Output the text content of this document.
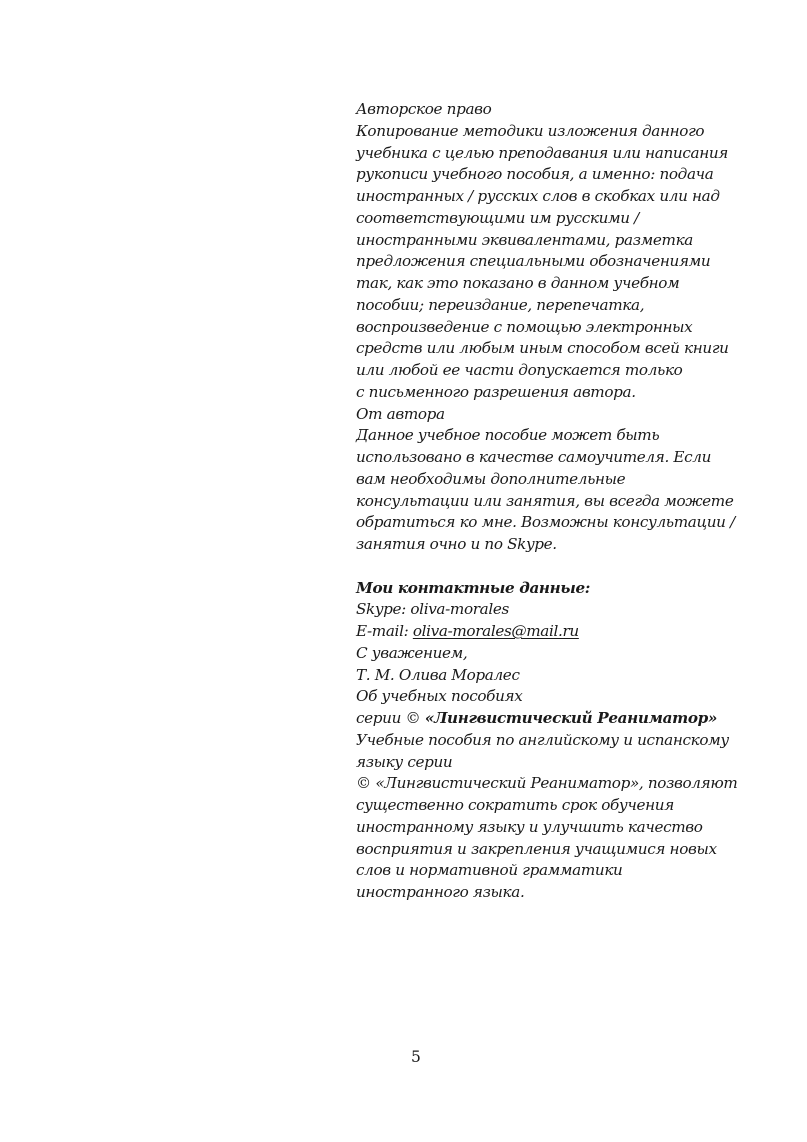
Авторское право
Копирование методики изложения данного
учебника с целью преподавания или написания
рукописи учебного пособия, а именно: подача
иностранных / русских слов в скобках или над
соответствующими им русскими /
иностранными эквивалентами, разметка
предложения специальными обозначениями
так, как это показано в данном учебном
пособии; переиздание, перепечатка,
воспроизведение с помощью электронных
средств или любым иным способом всей книги
или любой ее части допускается только
с письменного разрешения автора.
От автора
Данное учебное пособие может быть
использовано в качестве самоучителя. Если
вам необходимы дополнительные
консультации или занятия, вы всегда можете
обратиться ко мне. Возможны консультации /
занятия очно и по Skype.
Мои контактные данные:
Skype: oliva-morales
E-mail: oliva-morales@mail.ru
С уважением,
Т. М. Олива Моралес
Об учебных пособиях
серии © «Лингвистический Реаниматор»
Учебные пособия по английскому и испанскому
языку серии
© «Лингвистический Реаниматор», позволяют
существенно сократить срок обучения
иностранному языку и улучшить качество
восприятия и закрепления учащимися новых
слов и нормативной грамматики
иностранного языка.
5
